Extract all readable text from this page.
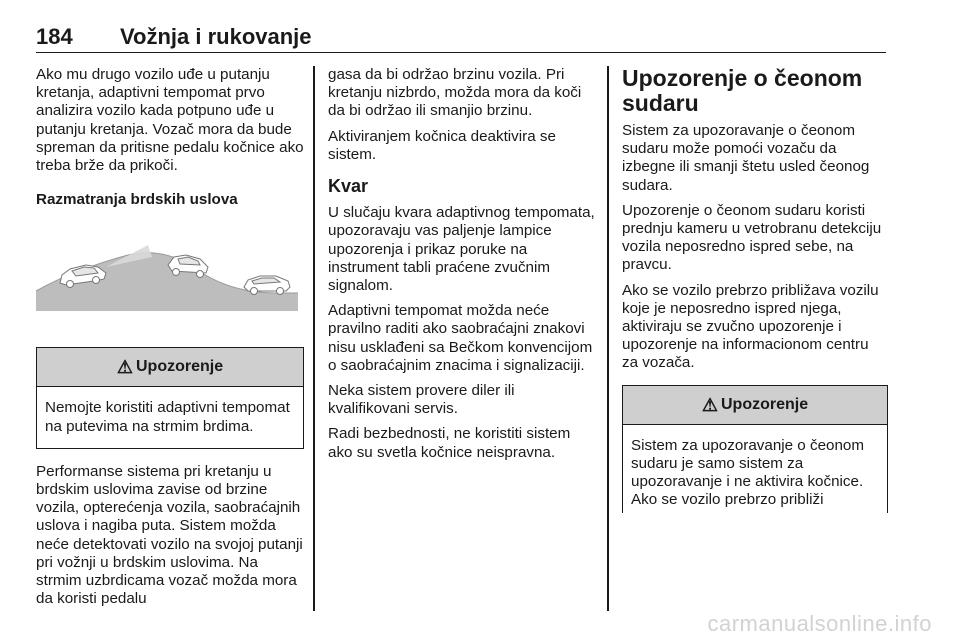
184 Vožnja i rukovanje

Ako mu drugo vozilo uđe u putanju kretanja, adaptivni tempomat prvo analizira vozilo kada potpuno uđe u putanju kretanja. Vozač mora da bude spreman da pritisne pedalu kočnice ako treba brže da prikoči.

Razmatranja brdskih uslova

⚠ Upozorenje
Nemojte koristiti adaptivni tempomat na putevima na strmim brdima.

Performanse sistema pri kretanju u brdskim uslovima zavise od brzine vozila, opterećenja vozila, saobraćajnih uslova i nagiba puta. Sistem možda neće detektovati vozilo na svojoj putanji pri vožnji u brdskim uslovima. Na strmim uzbrdicama vozač možda mora da koristi pedalu

gasa da bi održao brzinu vozila. Pri kretanju nizbrdo, možda mora da koči da bi održao ili smanjio brzinu.

Aktiviranjem kočnica deaktivira se sistem.

Kvar

U slučaju kvara adaptivnog tempomata, upozoravaju vas paljenje lampice upozorenja i prikaz poruke na instrument tabli praćene zvučnim signalom.

Adaptivni tempomat možda neće pravilno raditi ako saobraćajni znakovi nisu usklađeni sa Bečkom konvencijom o saobraćajnim znacima i signalizaciji.

Neka sistem provere diler ili kvalifikovani servis.

Radi bezbednosti, ne koristiti sistem ako su svetla kočnice neispravna.

Upozorenje o čeonom sudaru

Sistem za upozoravanje o čeonom sudaru može pomoći vozaču da izbegne ili smanji štetu usled čeonog sudara.

Upozorenje o čeonom sudaru koristi prednju kameru u vetrobranu detekciju vozila neposredno ispred sebe, na pravcu.

Ako se vozilo prebrzo približava vozilu koje je neposredno ispred njega, aktiviraju se zvučno upozorenje i upozorenje na informacionom centru za vozača.

⚠ Upozorenje
Sistem za upozoravanje o čeonom sudaru je samo sistem za upozoravanje i ne aktivira kočnice. Ako se vozilo prebrzo približi
carmanualsonline.info
